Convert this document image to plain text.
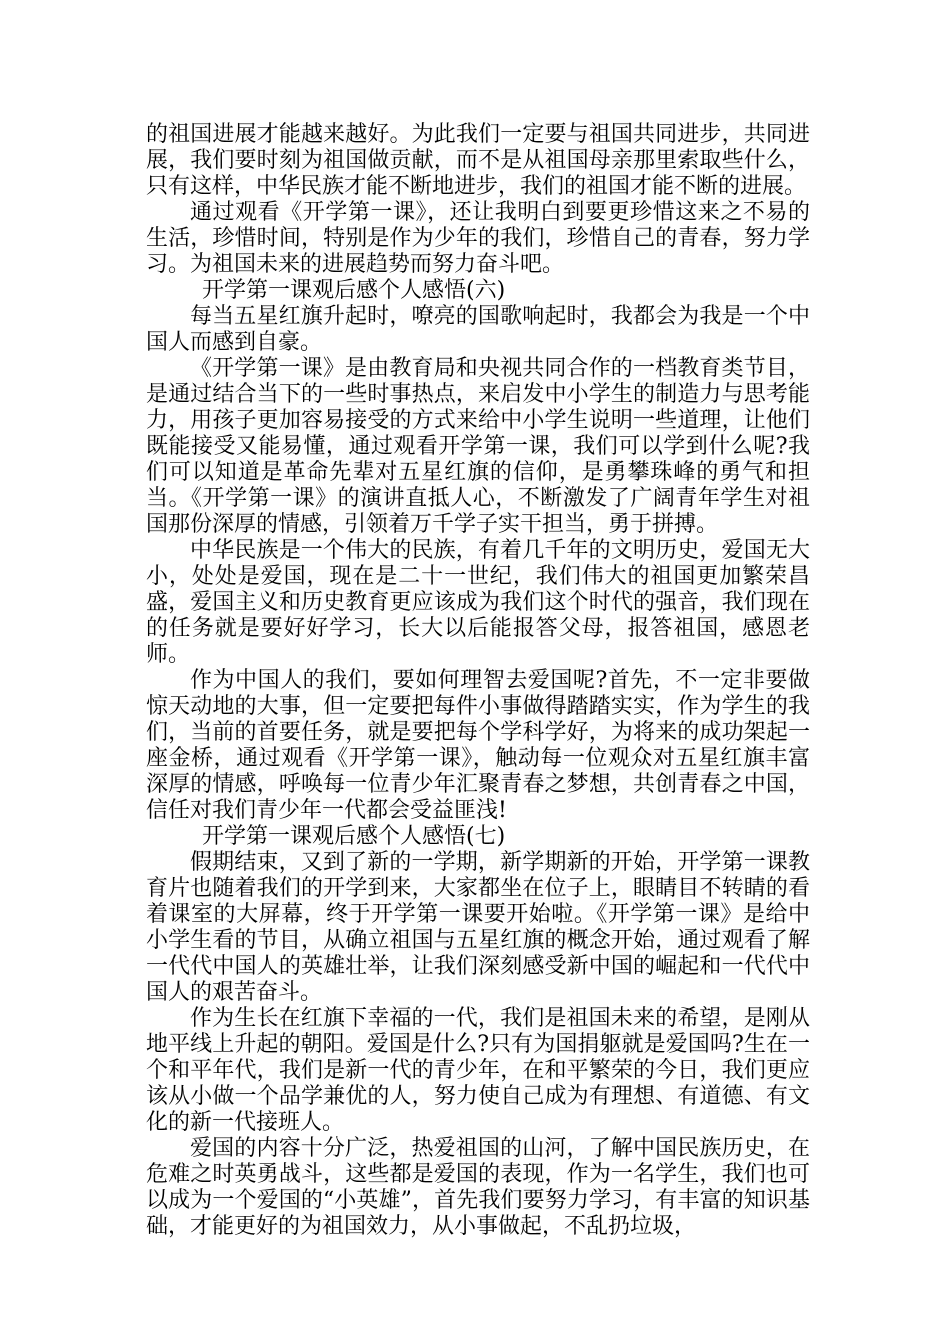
的祖国进展才能越来越好。为此我们一定要与祖国共同进步，共同进展，我们要时刻为祖国做贡献，而不是从祖国母亲那里索取些什么，只有这样，中华民族才能不断地进步，我们的祖国才能不断的进展。

通过观看《开学第一课》，还让我明白到要更珍惜这来之不易的生活，珍惜时间，特别是作为少年的我们，珍惜自己的青春，努力学习。为祖国未来的进展趋势而努力奋斗吧。

开学第一课观后感个人感悟(六)

每当五星红旗升起时，嘹亮的国歌响起时，我都会为我是一个中国人而感到自豪。

《开学第一课》是由教育局和央视共同合作的一档教育类节目，是通过结合当下的一些时事热点，来启发中小学生的制造力与思考能力，用孩子更加容易接受的方式来给中小学生说明一些道理，让他们既能接受又能易懂，通过观看开学第一课，我们可以学到什么呢?我们可以知道是革命先辈对五星红旗的信仰，是勇攀珠峰的勇气和担当。《开学第一课》的演讲直抵人心，不断激发了广阔青年学生对祖国那份深厚的情感，引领着万千学子实干担当，勇于拼搏。

中华民族是一个伟大的民族，有着几千年的文明历史，爱国无大小，处处是爱国，现在是二十一世纪，我们伟大的祖国更加繁荣昌盛，爱国主义和历史教育更应该成为我们这个时代的强音，我们现在的任务就是要好好学习，长大以后能报答父母，报答祖国，感恩老师。

作为中国人的我们，要如何理智去爱国呢?首先，不一定非要做惊天动地的大事，但一定要把每件小事做得踏踏实实，作为学生的我们，当前的首要任务，就是要把每个学科学好，为将来的成功架起一座金桥，通过观看《开学第一课》，触动每一位观众对五星红旗丰富深厚的情感，呼唤每一位青少年汇聚青春之梦想，共创青春之中国，信任对我们青少年一代都会受益匪浅!

开学第一课观后感个人感悟(七)

假期结束，又到了新的一学期，新学期新的开始，开学第一课教育片也随着我们的开学到来，大家都坐在位子上，眼睛目不转睛的看着课室的大屏幕，终于开学第一课要开始啦。《开学第一课》是给中小学生看的节目，从确立祖国与五星红旗的概念开始，通过观看了解一代代中国人的英雄壮举，让我们深刻感受新中国的崛起和一代代中国人的艰苦奋斗。

作为生长在红旗下幸福的一代，我们是祖国未来的希望，是刚从地平线上升起的朝阳。爱国是什么?只有为国捐躯就是爱国吗?生在一个和平年代，我们是新一代的青少年，在和平繁荣的今日，我们更应该从小做一个品学兼优的人，努力使自己成为有理想、有道德、有文化的新一代接班人。

爱国的内容十分广泛，热爱祖国的山河，了解中国民族历史，在危难之时英勇战斗，这些都是爱国的表现，作为一名学生，我们也可以成为一个爱国的“小英雄”，首先我们要努力学习，有丰富的知识基础，才能更好的为祖国效力，从小事做起，不乱扔垃圾，
